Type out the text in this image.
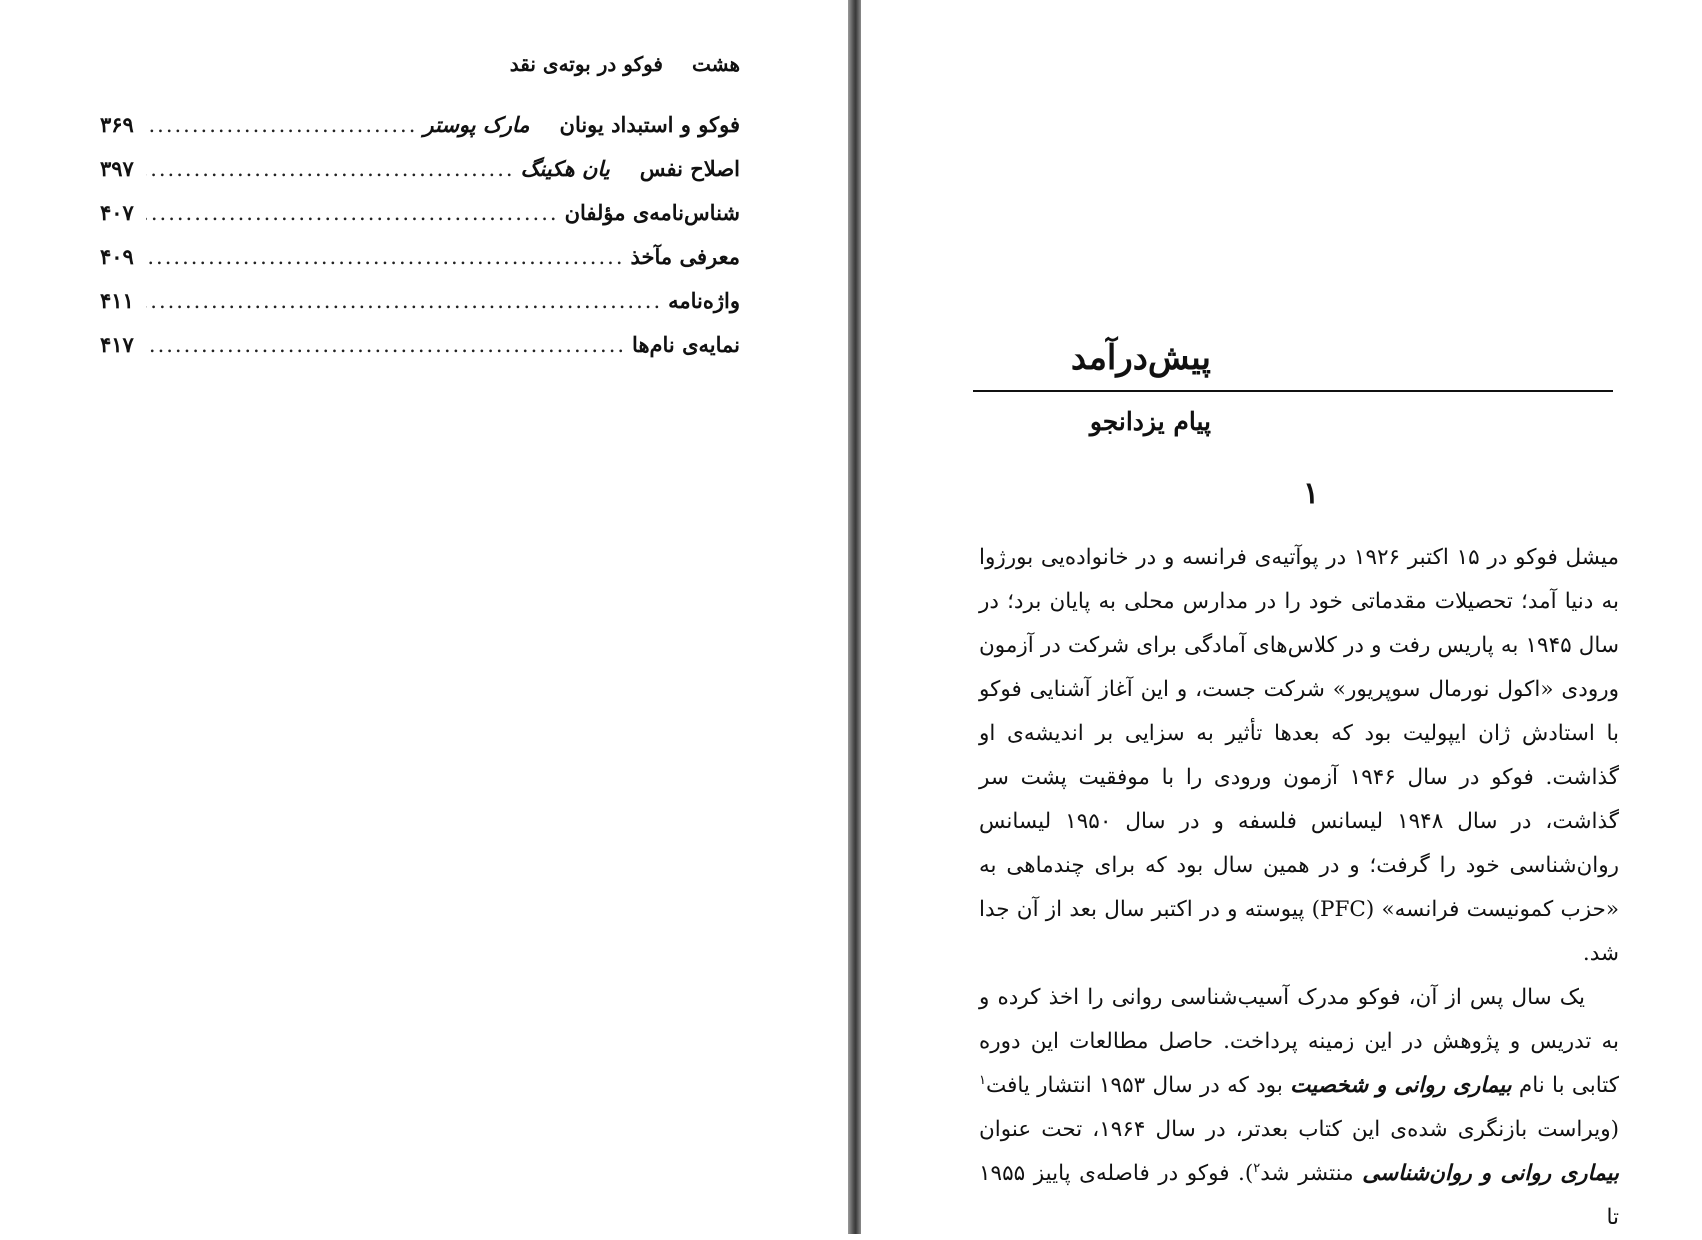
هشت فوکو در بوته‌ی نقد
فوکو و استبداد یونان
مارک پوستر
.....
۳۶۹
اصلاح نفس
یان هکینگ
.....
۳۹۷
شناس‌نامه‌ی مؤلفان
.....
۴۰۷
معرفی مآخذ
.....
۴۰۹
واژه‌نامه
.....
۴۱۱
نمایه‌ی نام‌ها
.....
۴۱۷	پیش‌درآمد
پیام یزدانجو
۱

میشل فوکو در ۱۵ اکتبر ۱۹۲۶ در پوآتیه‌ی فرانسه و در خانواده‌یی بورژوا به دنیا آمد؛ تحصیلات مقدماتی خود را در مدارس محلی به پایان برد؛ در سال ۱۹۴۵ به پاریس رفت و در کلاس‌های آمادگی برای شرکت در آزمون ورودی «اکول نورمال سوپریور» شرکت جست، و این آغاز آشنایی فوکو با استادش ژان ایپولیت بود که بعدها تأثیر به سزایی بر اندیشه‌ی او گذاشت. فوکو در سال ۱۹۴۶ آزمون ورودی را با موفقیت پشت سر گذاشت، در سال ۱۹۴۸ لیسانس فلسفه و در سال ۱۹۵۰ لیسانس روان‌شناسی خود را گرفت؛ و در همین سال بود که برای چندماهی به «حزب کمونیست فرانسه» (PFC) پیوسته و در اکتبر سال بعد از آن جدا شد.

یک سال پس از آن، فوکو مدرک آسیب‌شناسی روانی را اخذ کرده و به تدریس و پژوهش در این زمینه پرداخت. حاصل مطالعات این دوره کتابی با نام بیماری روانی و شخصیت بود که در سال ۱۹۵۳ انتشار یافت$^۱$ (ویراست بازنگری شده‌ی این کتاب بعدتر، در سال ۱۹۶۴، تحت عنوان بیماری روانی و روان‌شناسی منتشر شد$^۲$). فوکو در فاصله‌ی پاییز ۱۹۵۵ تا
